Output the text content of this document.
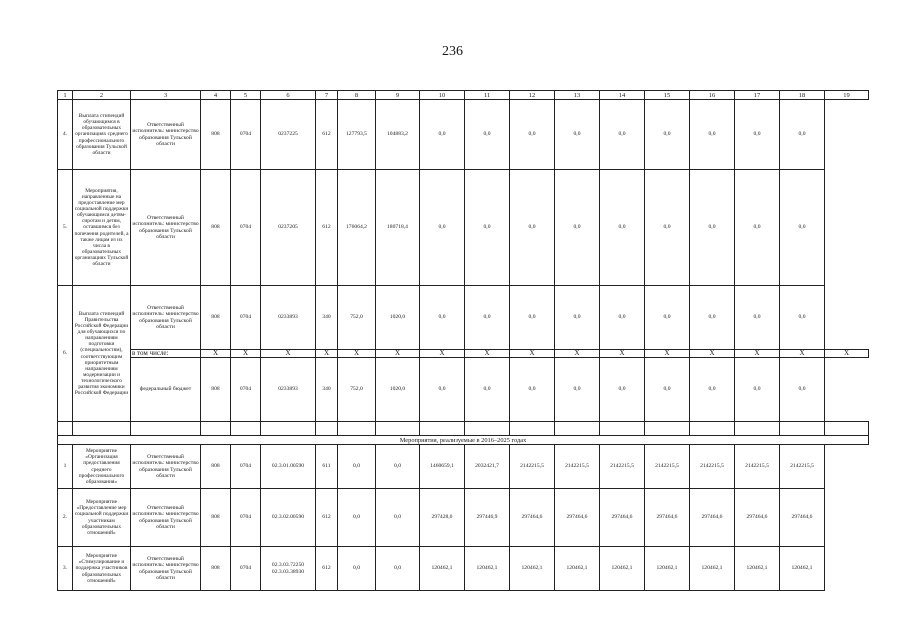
236
1	2	3	4	5	6	7	8	9	10	11	12	13	14	15	16	17	18	19
4.	Выплата стипендий обучающимся в образовательных организациях среднего профессионального образования Тульской области	Ответственный исполнитель: министерство образования Тульской области	808	0704	0237225	612	127793,5	104883,2	0,0	0,0	0,0	0,0	0,0	0,0	0,0	0,0	0,0	
5.	Мероприятия, направленные на предоставление мер социальной поддержки обучающимся детям-сиротам и детям, оставшимся без попечения родителей, а также лицам из их числа в образовательных организациях Тульской области	Ответственный исполнитель: министерство образования Тульской области	808	0704	0237205	612	176064,2	180718,4	0,0	0,0	0,0	0,0	0,0	0,0	0,0	0,0	0,0	
6.	Выплата стипендий Правительства Российской Федерации для обучающихся по направлениям подготовки (специальностям), соответствующим приоритетным направлениям модернизации и технологического развития экономики Российской Федерации	Ответственный исполнитель: министерство образования Тульской области	808	0704	0233893	340	752,0	1020,0	0,0	0,0	0,0	0,0	0,0	0,0	0,0	0,0	0,0	
		в том числе:	X	X	X	X	X	X	X	X	X	X	X	X	X	X	X	X
		федеральный бюджет	808	0704	0233893	340	752,0	1020,0	0,0	0,0	0,0	0,0	0,0	0,0	0,0	0,0	0,0	

Мероприятия, реализуемые в 2016–2025 годах																		
1	Мероприятие «Организация предоставления среднего профессионального образования»	Ответственный исполнитель: министерство образования Тульской области	808	0704	02.3.01.00590	611	0,0	0,0	1460659,1	2032421,7	2142215,5	2142215,5	2142215,5	2142215,5	2142215,5	2142215,5	2142215,5	
2.	Мероприятие «Предоставление мер социальной поддержки участникам образовательных отношений»	Ответственный исполнитель: министерство образования Тульской области	808	0704	02.3.02.00590	612	0,0	0,0	297428,0	297446,9	297464,6	297464,6	297464,6	297464,6	297464,6	297464,6	297464,6	
3.	Мероприятие «Стимулирование и поддержка участников образовательных отношений»	Ответственный исполнитель: министерство образования Тульской области	808	0704	02.3.03.72250 02.3.03.38930	612	0,0	0,0	120462,1	120462,1	120462,1	120462,1	120462,1	120462,1	120462,1	120462,1	120462,1	
